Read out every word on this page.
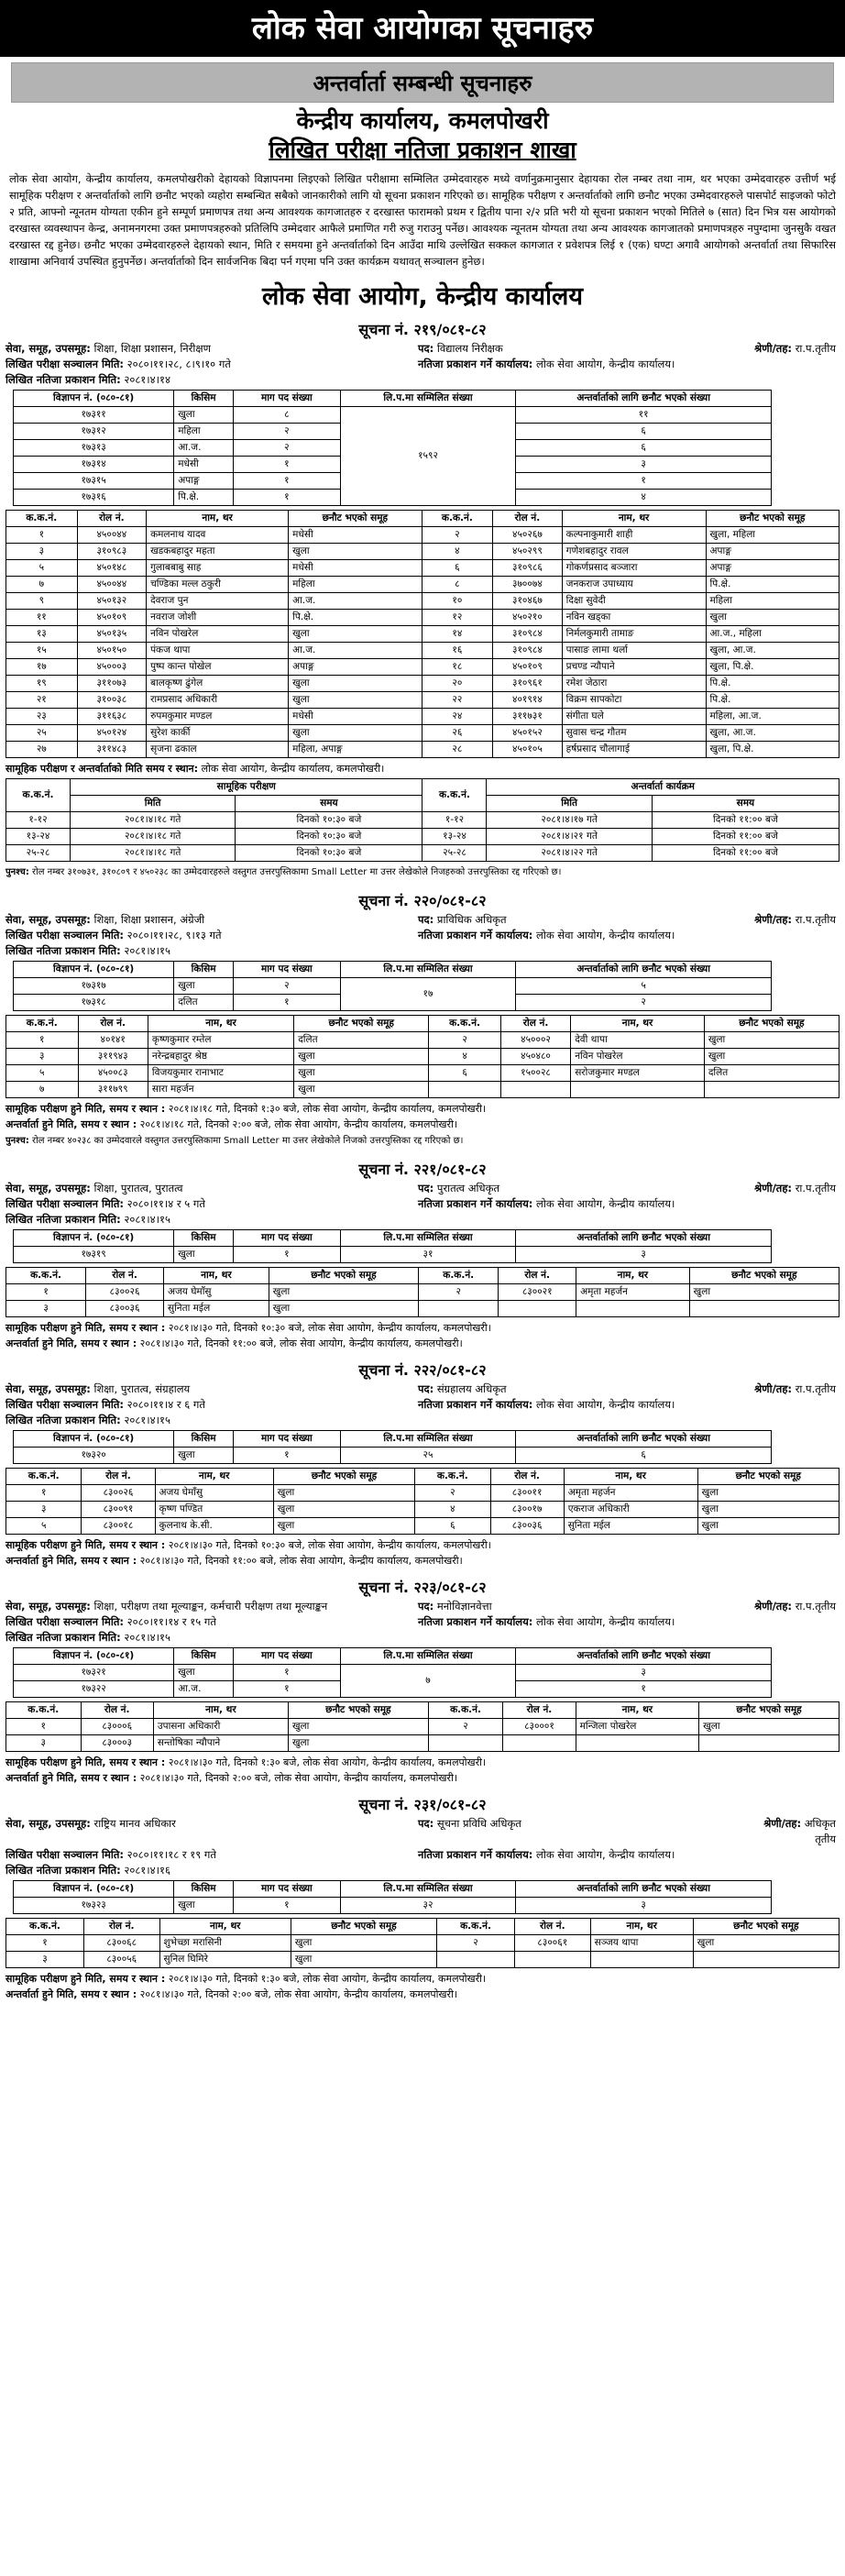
लोक सेवा आयोगका सूचनाहरु
अन्तर्वार्ता सम्बन्धी सूचनाहरु
केन्द्रीय कार्यालय, कमलपोखरी
लिखित परीक्षा नतिजा प्रकाशन शाखा
लोक सेवा आयोग, केन्द्रीय कार्यालय, कमलपोखरीको देहायको विज्ञापनमा लिइएको लिखित परीक्षामा सम्मिलित उम्मेदवारहरु मध्ये वर्णानुक्रमानुसार देहायका रोल नम्बर तथा नाम, थर भएका उम्मेदवारहरु उत्तीर्ण भई सामूहिक परीक्षण र अन्तर्वार्ताको लागि छनौट भएको व्यहोरा सम्बन्धित सबैको जानकारीको लागि यो सूचना प्रकाशन गरिएको छ। सामूहिक परीक्षण र अन्तर्वार्ताको लागि छनौट भएका उम्मेदवारहरुले पासपोर्ट साइजको फोटो २ प्रति, आफ्नो न्यूनतम योग्यता एकीन हुने सम्पूर्ण प्रमाणपत्र तथा अन्य आवश्यक कागजातहरु र दरखास्त फारामको प्रथम र द्वितीय पाना २/२ प्रति भरी यो सूचना प्रकाशन भएको मितिले ७ (सात) दिन भित्र यस आयोगको दरखास्त व्यवस्थापन केन्द्र, अनामनगरमा उक्त प्रमाणपत्रहरुको प्रतिलिपि उम्मेदवार आफैले प्रमाणित गरी रुजु गराउनु पर्नेछ। आवश्यक न्यूनतम योग्यता तथा अन्य आवश्यक कागजातको प्रमाणपत्रहरु नपुग्दामा जुनसुकै वखत दरखास्त रद्द हुनेछ। छनौट भएका उम्मेदवारहरुले देहायको स्थान, मिति र समयमा हुने अन्तर्वार्ताको दिन आउँदा माथि उल्लेखित सक्कल कागजात र प्रवेशपत्र लिई १ (एक) घण्टा अगावै आयोगको अन्तर्वार्ता तथा सिफारिस शाखामा अनिवार्य उपस्थित हुनुपर्नेछ। अन्तर्वार्ताको दिन सार्वजनिक बिदा पर्न गएमा पनि उक्त कार्यक्रम यथावत् सञ्चालन हुनेछ।
लोक सेवा आयोग, केन्द्रीय कार्यालय
सूचना नं. २१९/०८१-८२
सेवा, समूह, उपसमूह: शिक्षा, शिक्षा प्रशासन, निरीक्षण	पद: विद्यालय निरीक्षक	श्रेणी/तह: रा.प.तृतीय
लिखित परीक्षा सञ्चालन मिति: २०८०।११।२८, ८।९।१० गते	नतिजा प्रकाशन गर्ने कार्यालय: लोक सेवा आयोग, केन्द्रीय कार्यालय।
लिखित नतिजा प्रकाशन मिति: २०८१।४।१४
विज्ञापन नं. (०८०-८१)	किसिम	माग पद संख्या	लि.प.मा सम्मिलित संख्या	अन्तर्वार्ताको लागि छनौट भएको संख्या
१७३११	खुला	८	१५९२	११
१७३१२	महिला	२		६
१७३१३	आ.ज.	२		६
१७३१४	मधेसी	१		३
१७३१५	अपाङ्ग	१		१
१७३१६	पि.क्षे.	१		४
क.क.नं.	रोल नं.	नाम, थर	छनौट भएको समूह	क.क.नं.	रोल नं.	नाम, थर	छनौट भएको समूह
१	४५००४४	कमलनाथ यादव	मधेसी	२	४५०२६७	कल्पनाकुमारी शाही	खुला, महिला
३	३१०९८३	खडकबहादुर महता	खुला	४	४५०२९९	गणेशबहादुर रावल	अपाङ्ग
५	४५०१४८	गुलाबबाबु साह	मधेसी	६	३१०९८६	गोकर्णप्रसाद बञ्जारा	अपाङ्ग
७	४५००४४	चण्डिका मल्ल ठकुरी	महिला	८	३७००७४	जनकराज उपाध्याय	पि.क्षे.
९	४५०१३२	देवराज पुन	आ.ज.	१०	३१०४६७	दिक्षा सुवेदी	महिला
११	४५०१०९	नवराज जोशी	पि.क्षे.	१२	४५०२१०	नविन खड्का	खुला
१३	४५०१३५	नविन पोखरेल	खुला	१४	३१०९८४	निर्मलकुमारी तामाङ	आ.ज., महिला
१५	४५०१५०	पंकज थापा	आ.ज.	१६	३१०९८४	पासाङ लामा थर्ला	खुला, आ.ज.
१७	४५०००३	पुष्प कान्त पोखेल	अपाङ्ग	१८	४५०१०९	प्रचण्ड न्यौपाने	खुला, पि.क्षे.
१९	३११०७३	बालकृष्ण ढुंगेल	खुला	२०	३१०९६१	रमेश जेठारा	पि.क्षे.
२१	३१००३८	रामप्रसाद अधिकारी	खुला	२२	४०१९१४	विक्रम सापकोटा	पि.क्षे.
२३	३११६३८	रुपमकुमार मण्डल	मधेसी	२४	३११७३१	संगीता घले	महिला, आ.ज.
२५	४५०१२४	सुरेश कार्की	खुला	२६	४५०१५२	सुवास चन्द्र गौतम	खुला, आ.ज.
२७	३११४८३	सृजना ढकाल	महिला, अपाङ्ग	२८	४५०१०५	हर्षप्रसाद चौलागाई	खुला, पि.क्षे.
सामूहिक परीक्षण र अन्तर्वार्ताको मिति समय र स्थान: लोक सेवा आयोग, केन्द्रीय कार्यालय, कमलपोखरी।
क.क.नं.	सामूहिक परीक्षण		क.क.नं.	अन्तर्वार्ता कार्यक्रम	
	मिति	समय		मिति	समय
१-१२	२०८१।४।१८ गते	दिनको १०:३० बजे	१-१२	२०८१।४।१७ गते	दिनको ११:०० बजे
१३-२४	२०८१।४।१८ गते	दिनको १०:३० बजे	१३-२४	२०८१।४।२१ गते	दिनको ११:०० बजे
२५-२८	२०८१।४।१८ गते	दिनको १०:३० बजे	२५-२८	२०८१।४।२२ गते	दिनको ११:०० बजे
पुनश्च: रोल नम्बर ३१०७३१, ३१०८०९ र ४५०२३८ का उम्मेदवारहरुले वस्तुगत उत्तरपुस्तिकामा Small Letter मा उत्तर लेखेकोले निजहरुको उत्तरपुस्तिका रद्द गरिएको छ।
सूचना नं. २२०/०८१-८२
सेवा, समूह, उपसमूह: शिक्षा, शिक्षा प्रशासन, अंग्रेजी	पद: प्राविधिक अधिकृत	श्रेणी/तह: रा.प.तृतीय
लिखित परीक्षा सञ्चालन मिति: २०८०।११।२८, ९।१३ गते	नतिजा प्रकाशन गर्ने कार्यालय: लोक सेवा आयोग, केन्द्रीय कार्यालय।
लिखित नतिजा प्रकाशन मिति: २०८१।४।१५
विज्ञापन नं. (०८०-८१)	किसिम	माग पद संख्या	लि.प.मा सम्मिलित संख्या	अन्तर्वार्ताको लागि छनौट भएको संख्या
१७३१७	खुला	२	१७	५
१७३१८	दलित	१		२
क.क.नं.	रोल नं.	नाम, थर	छनौट भएको समूह	क.क.नं.	रोल नं.	नाम, थर	छनौट भएको समूह
१	४०१४१	कृष्णकुमार रम्तेल	दलित	२	४५०००२	देवी थापा	खुला
३	३११९४३	नरेन्द्रबहादुर श्रेष्ठ	खुला	४	४५०४८०	नविन पोखरेल	खुला
५	४५००८३	विजयकुमार रानाभाट	खुला	६	१५००२८	सरोजकुमार मण्डल	दलित
७	३११७९९	सारा महर्जन	खुला				
सामूहिक परीक्षण हुने मिति, समय र स्थान : २०८१।४।१८ गते, दिनको १:३० बजे, लोक सेवा आयोग, केन्द्रीय कार्यालय, कमलपोखरी।
अन्तर्वार्ता हुने मिति, समय र स्थान : २०८१।४।१८ गते, दिनको २:०० बजे, लोक सेवा आयोग, केन्द्रीय कार्यालय, कमलपोखरी।
पुनश्च: रोल नम्बर ४०२३८ का उम्मेदवारले वस्तुगत उत्तरपुस्तिकामा Small Letter मा उत्तर लेखेकोले निजको उत्तरपुस्तिका रद्द गरिएको छ।
सूचना नं. २२१/०८१-८२
सेवा, समूह, उपसमूह: शिक्षा, पुरातत्व, पुरातत्व	पद: पुरातत्व अधिकृत	श्रेणी/तह: रा.प.तृतीय
लिखित परीक्षा सञ्चालन मिति: २०८०।११।४ र ५ गते	नतिजा प्रकाशन गर्ने कार्यालय: लोक सेवा आयोग, केन्द्रीय कार्यालय।
लिखित नतिजा प्रकाशन मिति: २०८१।४।१५
विज्ञापन नं. (०८०-८१)	किसिम	माग पद संख्या	लि.प.मा सम्मिलित संख्या	अन्तर्वार्ताको लागि छनौट भएको संख्या
१७३१९	खुला	१	३१	३
क.क.नं.	रोल नं.	नाम, थर	छनौट भएको समूह	क.क.नं.	रोल नं.	नाम, थर	छनौट भएको समूह
१	८३००२६	अजय घेमाँसु	खुला	२	८३००२१	अमृता महर्जन	खुला
३	८३००३६	सुनिता मईल	खुला				
सामूहिक परीक्षण हुने मिति, समय र स्थान : २०८१।४।३० गते, दिनको १०:३० बजे, लोक सेवा आयोग, केन्द्रीय कार्यालय, कमलपोखरी।
अन्तर्वार्ता हुने मिति, समय र स्थान : २०८१।४।३० गते, दिनको ११:०० बजे, लोक सेवा आयोग, केन्द्रीय कार्यालय, कमलपोखरी।
सूचना नं. २२२/०८१-८२
सेवा, समूह, उपसमूह: शिक्षा, पुरातत्व, संग्रहालय	पद: संग्रहालय अधिकृत	श्रेणी/तह: रा.प.तृतीय
लिखित परीक्षा सञ्चालन मिति: २०८०।११।४ र ६ गते	नतिजा प्रकाशन गर्ने कार्यालय: लोक सेवा आयोग, केन्द्रीय कार्यालय।
लिखित नतिजा प्रकाशन मिति: २०८१।४।१५
विज्ञापन नं. (०८०-८१)	किसिम	माग पद संख्या	लि.प.मा सम्मिलित संख्या	अन्तर्वार्ताको लागि छनौट भएको संख्या
१७३२०	खुला	१	२५	६
क.क.नं.	रोल नं.	नाम, थर	छनौट भएको समूह	क.क.नं.	रोल नं.	नाम, थर	छनौट भएको समूह
१	८३००२६	अजय घेमाँसु	खुला	२	८३००११	अमृता महर्जन	खुला
३	८३००९१	कृष्ण पण्डित	खुला	४	८३००१७	एकराज अधिकारी	खुला
५	८३००१८	कुलनाथ के.सी.	खुला	६	८३००३६	सुनिता मईल	खुला
सामूहिक परीक्षण हुने मिति, समय र स्थान : २०८१।४।३० गते, दिनको १०:३० बजे, लोक सेवा आयोग, केन्द्रीय कार्यालय, कमलपोखरी।
अन्तर्वार्ता हुने मिति, समय र स्थान : २०८१।४।३० गते, दिनको ११:०० बजे, लोक सेवा आयोग, केन्द्रीय कार्यालय, कमलपोखरी।
सूचना नं. २२३/०८१-८२
सेवा, समूह, उपसमूह: शिक्षा, परीक्षण तथा मूल्याङ्कन, कर्मचारी परीक्षण तथा मूल्याङ्कन	पद: मनोविज्ञानवेत्ता	श्रेणी/तह: रा.प.तृतीय
लिखित परीक्षा सञ्चालन मिति: २०८०।११।१४ र १५ गते	नतिजा प्रकाशन गर्ने कार्यालय: लोक सेवा आयोग, केन्द्रीय कार्यालय।
लिखित नतिजा प्रकाशन मिति: २०८१।४।१५
विज्ञापन नं. (०८०-८१)	किसिम	माग पद संख्या	लि.प.मा सम्मिलित संख्या	अन्तर्वार्ताको लागि छनौट भएको संख्या
१७३२१	खुला	१	७	३
१७३२२	आ.ज.	१		१
क.क.नं.	रोल नं.	नाम, थर	छनौट भएको समूह	क.क.नं.	रोल नं.	नाम, थर	छनौट भएको समूह
१	८३०००६	उपासना अधिकारी	खुला	२	८३०००१	मन्जिला पोखरेल	खुला
३	८३०००३	सन्तोषिका न्यौपाने	खुला				
सामूहिक परीक्षण हुने मिति, समय र स्थान : २०८१।४।३० गते, दिनको १:३० बजे, लोक सेवा आयोग, केन्द्रीय कार्यालय, कमलपोखरी।
अन्तर्वार्ता हुने मिति, समय र स्थान : २०८१।४।३० गते, दिनको २:०० बजे, लोक सेवा आयोग, केन्द्रीय कार्यालय, कमलपोखरी।
सूचना नं. २३१/०८१-८२
सेवा, समूह, उपसमूह: राष्ट्रिय मानव अधिकार	पद: सूचना प्रविधि अधिकृत	श्रेणी/तह: अधिकृत तृतीय
लिखित परीक्षा सञ्चालन मिति: २०८०।११।१८ र १९ गते	नतिजा प्रकाशन गर्ने कार्यालय: लोक सेवा आयोग, केन्द्रीय कार्यालय।
लिखित नतिजा प्रकाशन मिति: २०८१।४।१६
विज्ञापन नं. (०८०-८१)	किसिम	माग पद संख्या	लि.प.मा सम्मिलित संख्या	अन्तर्वार्ताको लागि छनौट भएको संख्या
१७३२३	खुला	१	३२	३
क.क.नं.	रोल नं.	नाम, थर	छनौट भएको समूह	क.क.नं.	रोल नं.	नाम, थर	छनौट भएको समूह
१	८३००६८	शुभेच्छा मरासिनी	खुला	२	८३००६१	सञ्जय थापा	खुला
३	८३००५६	सुनिल घिमिरे	खुला				
सामूहिक परीक्षण हुने मिति, समय र स्थान : २०८१।४।३० गते, दिनको १:३० बजे, लोक सेवा आयोग, केन्द्रीय कार्यालय, कमलपोखरी।
अन्तर्वार्ता हुने मिति, समय र स्थान : २०८१।४।३० गते, दिनको २:०० बजे, लोक सेवा आयोग, केन्द्रीय कार्यालय, कमलपोखरी।
